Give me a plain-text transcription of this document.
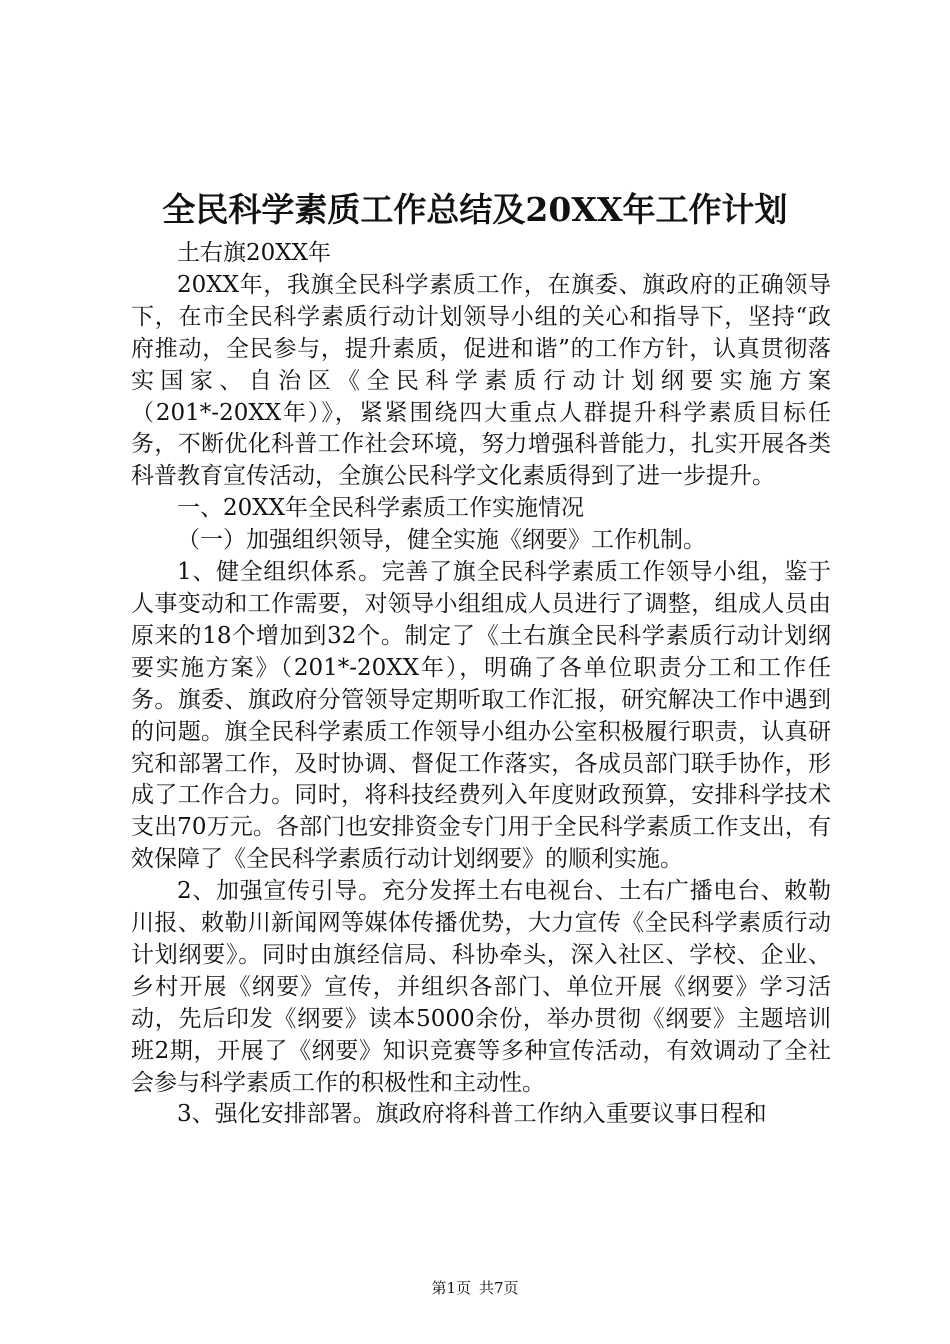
全民科学素质工作总结及20XX年工作计划

土右旗20XX年

20XX年，我旗全民科学素质工作，在旗委、旗政府的正确领导下，在市全民科学素质行动计划领导小组的关心和指导下，坚持“政府推动，全民参与，提升素质，促进和谐”的工作方针，认真贯彻落实国家、自治区《全民科学素质行动计划纲要实施方案（201*-20XX年）》，紧紧围绕四大重点人群提升科学素质目标任务，不断优化科普工作社会环境，努力增强科普能力，扎实开展各类科普教育宣传活动，全旗公民科学文化素质得到了进一步提升。

一、20XX年全民科学素质工作实施情况

（一）加强组织领导，健全实施《纲要》工作机制。

1、健全组织体系。完善了旗全民科学素质工作领导小组，鉴于人事变动和工作需要，对领导小组组成人员进行了调整，组成人员由原来的18个增加到32个。制定了《土右旗全民科学素质行动计划纲要实施方案》（201*-20XX年），明确了各单位职责分工和工作任务。旗委、旗政府分管领导定期听取工作汇报，研究解决工作中遇到的问题。旗全民科学素质工作领导小组办公室积极履行职责，认真研究和部署工作，及时协调、督促工作落实，各成员部门联手协作，形成了工作合力。同时，将科技经费列入年度财政预算，安排科学技术支出70万元。各部门也安排资金专门用于全民科学素质工作支出，有效保障了《全民科学素质行动计划纲要》的顺利实施。

2、加强宣传引导。充分发挥土右电视台、土右广播电台、敕勒川报、敕勒川新闻网等媒体传播优势，大力宣传《全民科学素质行动计划纲要》。同时由旗经信局、科协牵头，深入社区、学校、企业、乡村开展《纲要》宣传，并组织各部门、单位开展《纲要》学习活动，先后印发《纲要》读本5000余份，举办贯彻《纲要》主题培训班2期，开展了《纲要》知识竞赛等多种宣传活动，有效调动了全社会参与科学素质工作的积极性和主动性。

3、强化安排部署。旗政府将科普工作纳入重要议事日程和

第1页 共7页
